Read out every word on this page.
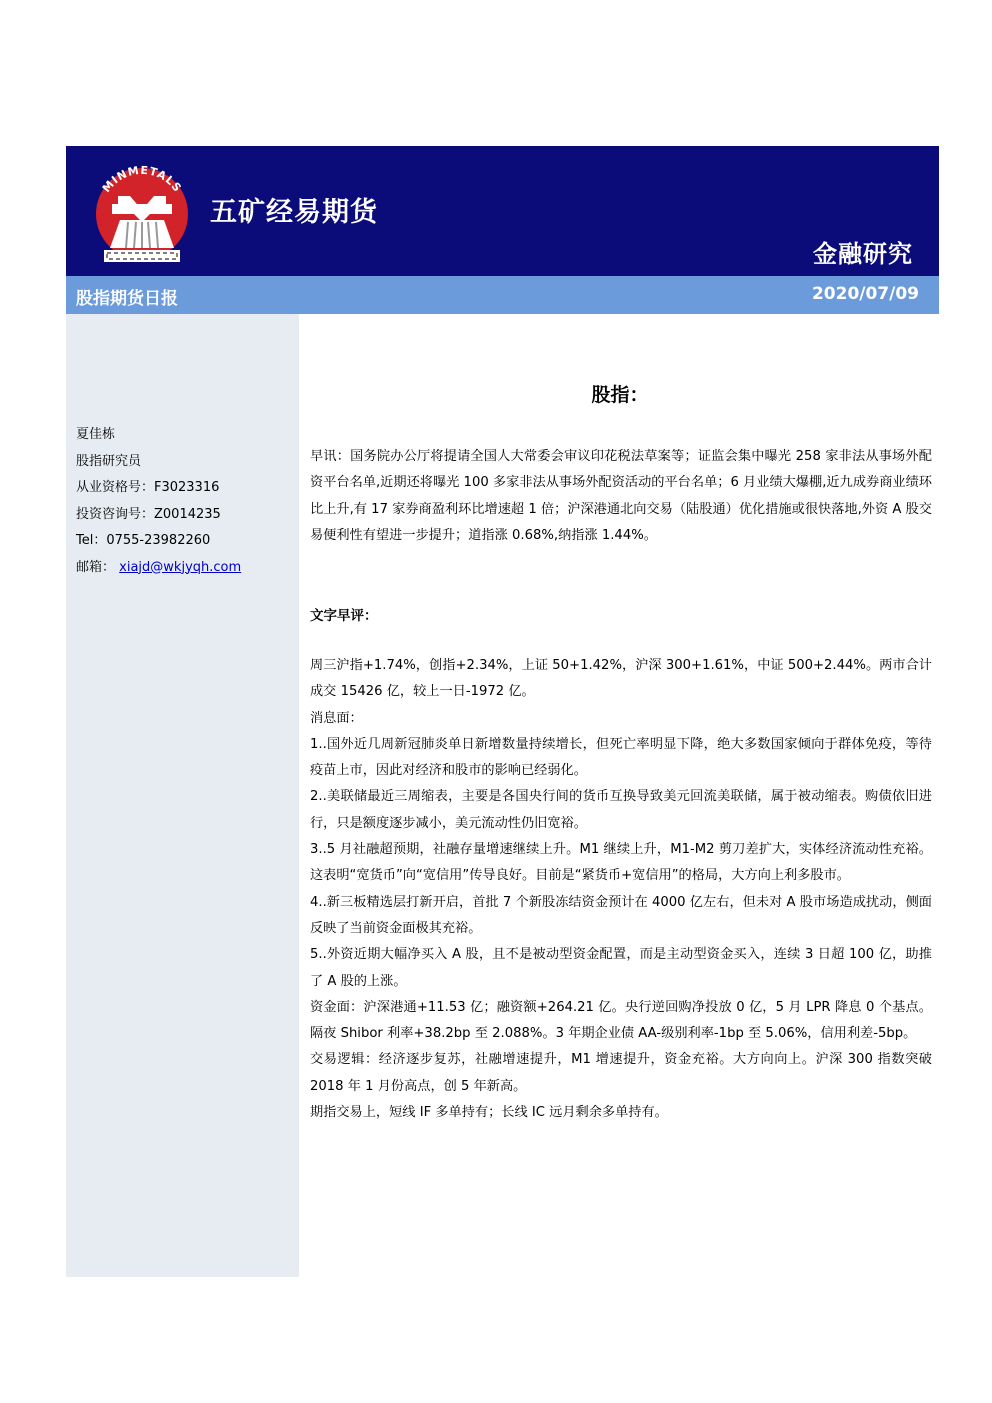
MINMETALS
五矿经易期货
金融研究
股指期货日报	2020/07/09
夏佳栋
股指研究员
从业资格号：F3023316
投资咨询号：Z0014235
Tel：0755-23982260
邮箱： xiajd@wkjyqh.com
股指：

早讯：国务院办公厅将提请全国人大常委会审议印花税法草案等；证监会集中曝光 258 家非法从事场外配资平台名单,近期还将曝光 100 多家非法从事场外配资活动的平台名单；6 月业绩大爆棚,近九成券商业绩环比上升,有 17 家券商盈利环比增速超 1 倍；沪深港通北向交易（陆股通）优化措施或很快落地,外资 A 股交易便利性有望进一步提升；道指涨 0.68%,纳指涨 1.44%。

文字早评：

周三沪指+1.74%，创指+2.34%，上证 50+1.42%，沪深 300+1.61%，中证 500+2.44%。两市合计成交 15426 亿，较上一日-1972 亿。

消息面：

1..国外近几周新冠肺炎单日新增数量持续增长，但死亡率明显下降，绝大多数国家倾向于群体免疫，等待疫苗上市，因此对经济和股市的影响已经弱化。

2..美联储最近三周缩表，主要是各国央行间的货币互换导致美元回流美联储，属于被动缩表。购债依旧进行，只是额度逐步减小，美元流动性仍旧宽裕。

3..5 月社融超预期，社融存量增速继续上升。M1 继续上升，M1-M2 剪刀差扩大，实体经济流动性充裕。这表明“宽货币”向“宽信用”传导良好。目前是“紧货币+宽信用”的格局，大方向上利多股市。

4..新三板精选层打新开启，首批 7 个新股冻结资金预计在 4000 亿左右，但未对 A 股市场造成扰动，侧面反映了当前资金面极其充裕。

5..外资近期大幅净买入 A 股，且不是被动型资金配置，而是主动型资金买入，连续 3 日超 100 亿，助推了 A 股的上涨。

资金面：沪深港通+11.53 亿；融资额+264.21 亿。央行逆回购净投放 0 亿，5 月 LPR 降息 0 个基点。隔夜 Shibor 利率+38.2bp 至 2.088%。3 年期企业债 AA-级别利率-1bp 至 5.06%，信用利差-5bp。

交易逻辑：经济逐步复苏，社融增速提升，M1 增速提升，资金充裕。大方向向上。沪深 300 指数突破 2018 年 1 月份高点，创 5 年新高。

期指交易上，短线 IF 多单持有；长线 IC 远月剩余多单持有。
